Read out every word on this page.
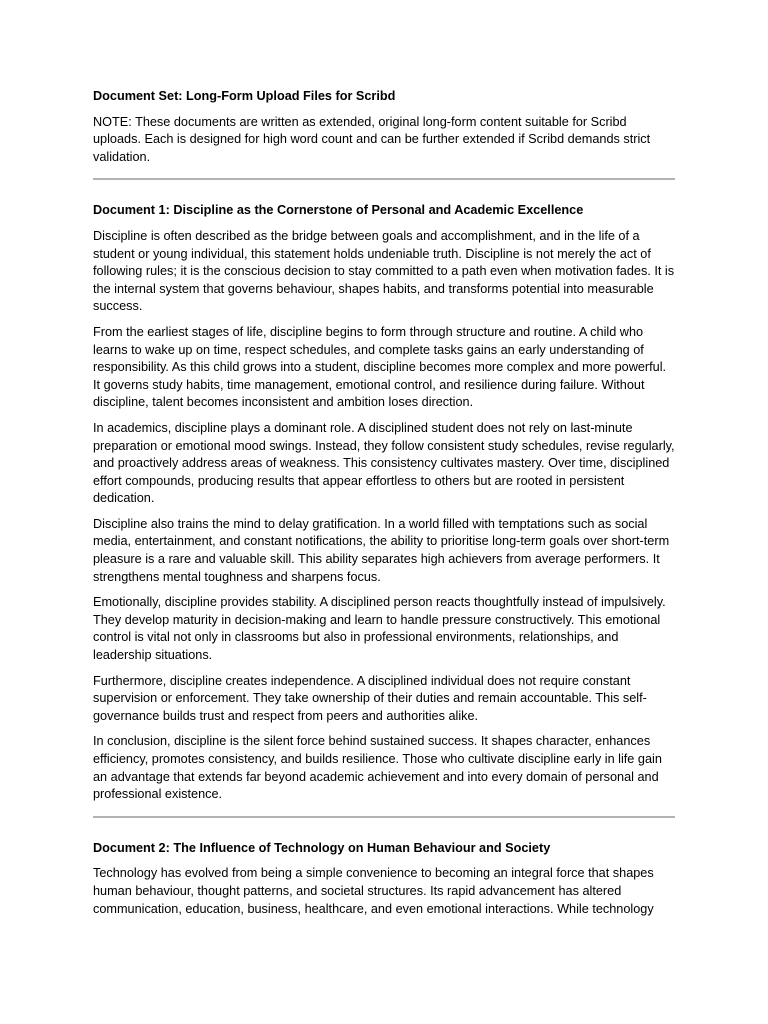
Document Set: Long-Form Upload Files for Scribd
NOTE: These documents are written as extended, original long-form content suitable for Scribd uploads. Each is designed for high word count and can be further extended if Scribd demands strict validation.
Document 1: Discipline as the Cornerstone of Personal and Academic Excellence
Discipline is often described as the bridge between goals and accomplishment, and in the life of a student or young individual, this statement holds undeniable truth. Discipline is not merely the act of following rules; it is the conscious decision to stay committed to a path even when motivation fades. It is the internal system that governs behaviour, shapes habits, and transforms potential into measurable success.
From the earliest stages of life, discipline begins to form through structure and routine. A child who learns to wake up on time, respect schedules, and complete tasks gains an early understanding of responsibility. As this child grows into a student, discipline becomes more complex and more powerful. It governs study habits, time management, emotional control, and resilience during failure. Without discipline, talent becomes inconsistent and ambition loses direction.
In academics, discipline plays a dominant role. A disciplined student does not rely on last-minute preparation or emotional mood swings. Instead, they follow consistent study schedules, revise regularly, and proactively address areas of weakness. This consistency cultivates mastery. Over time, disciplined effort compounds, producing results that appear effortless to others but are rooted in persistent dedication.
Discipline also trains the mind to delay gratification. In a world filled with temptations such as social media, entertainment, and constant notifications, the ability to prioritise long-term goals over short-term pleasure is a rare and valuable skill. This ability separates high achievers from average performers. It strengthens mental toughness and sharpens focus.
Emotionally, discipline provides stability. A disciplined person reacts thoughtfully instead of impulsively. They develop maturity in decision-making and learn to handle pressure constructively. This emotional control is vital not only in classrooms but also in professional environments, relationships, and leadership situations.
Furthermore, discipline creates independence. A disciplined individual does not require constant supervision or enforcement. They take ownership of their duties and remain accountable. This self-governance builds trust and respect from peers and authorities alike.
In conclusion, discipline is the silent force behind sustained success. It shapes character, enhances efficiency, promotes consistency, and builds resilience. Those who cultivate discipline early in life gain an advantage that extends far beyond academic achievement and into every domain of personal and professional existence.
Document 2: The Influence of Technology on Human Behaviour and Society
Technology has evolved from being a simple convenience to becoming an integral force that shapes human behaviour, thought patterns, and societal structures. Its rapid advancement has altered communication, education, business, healthcare, and even emotional interactions. While technology
